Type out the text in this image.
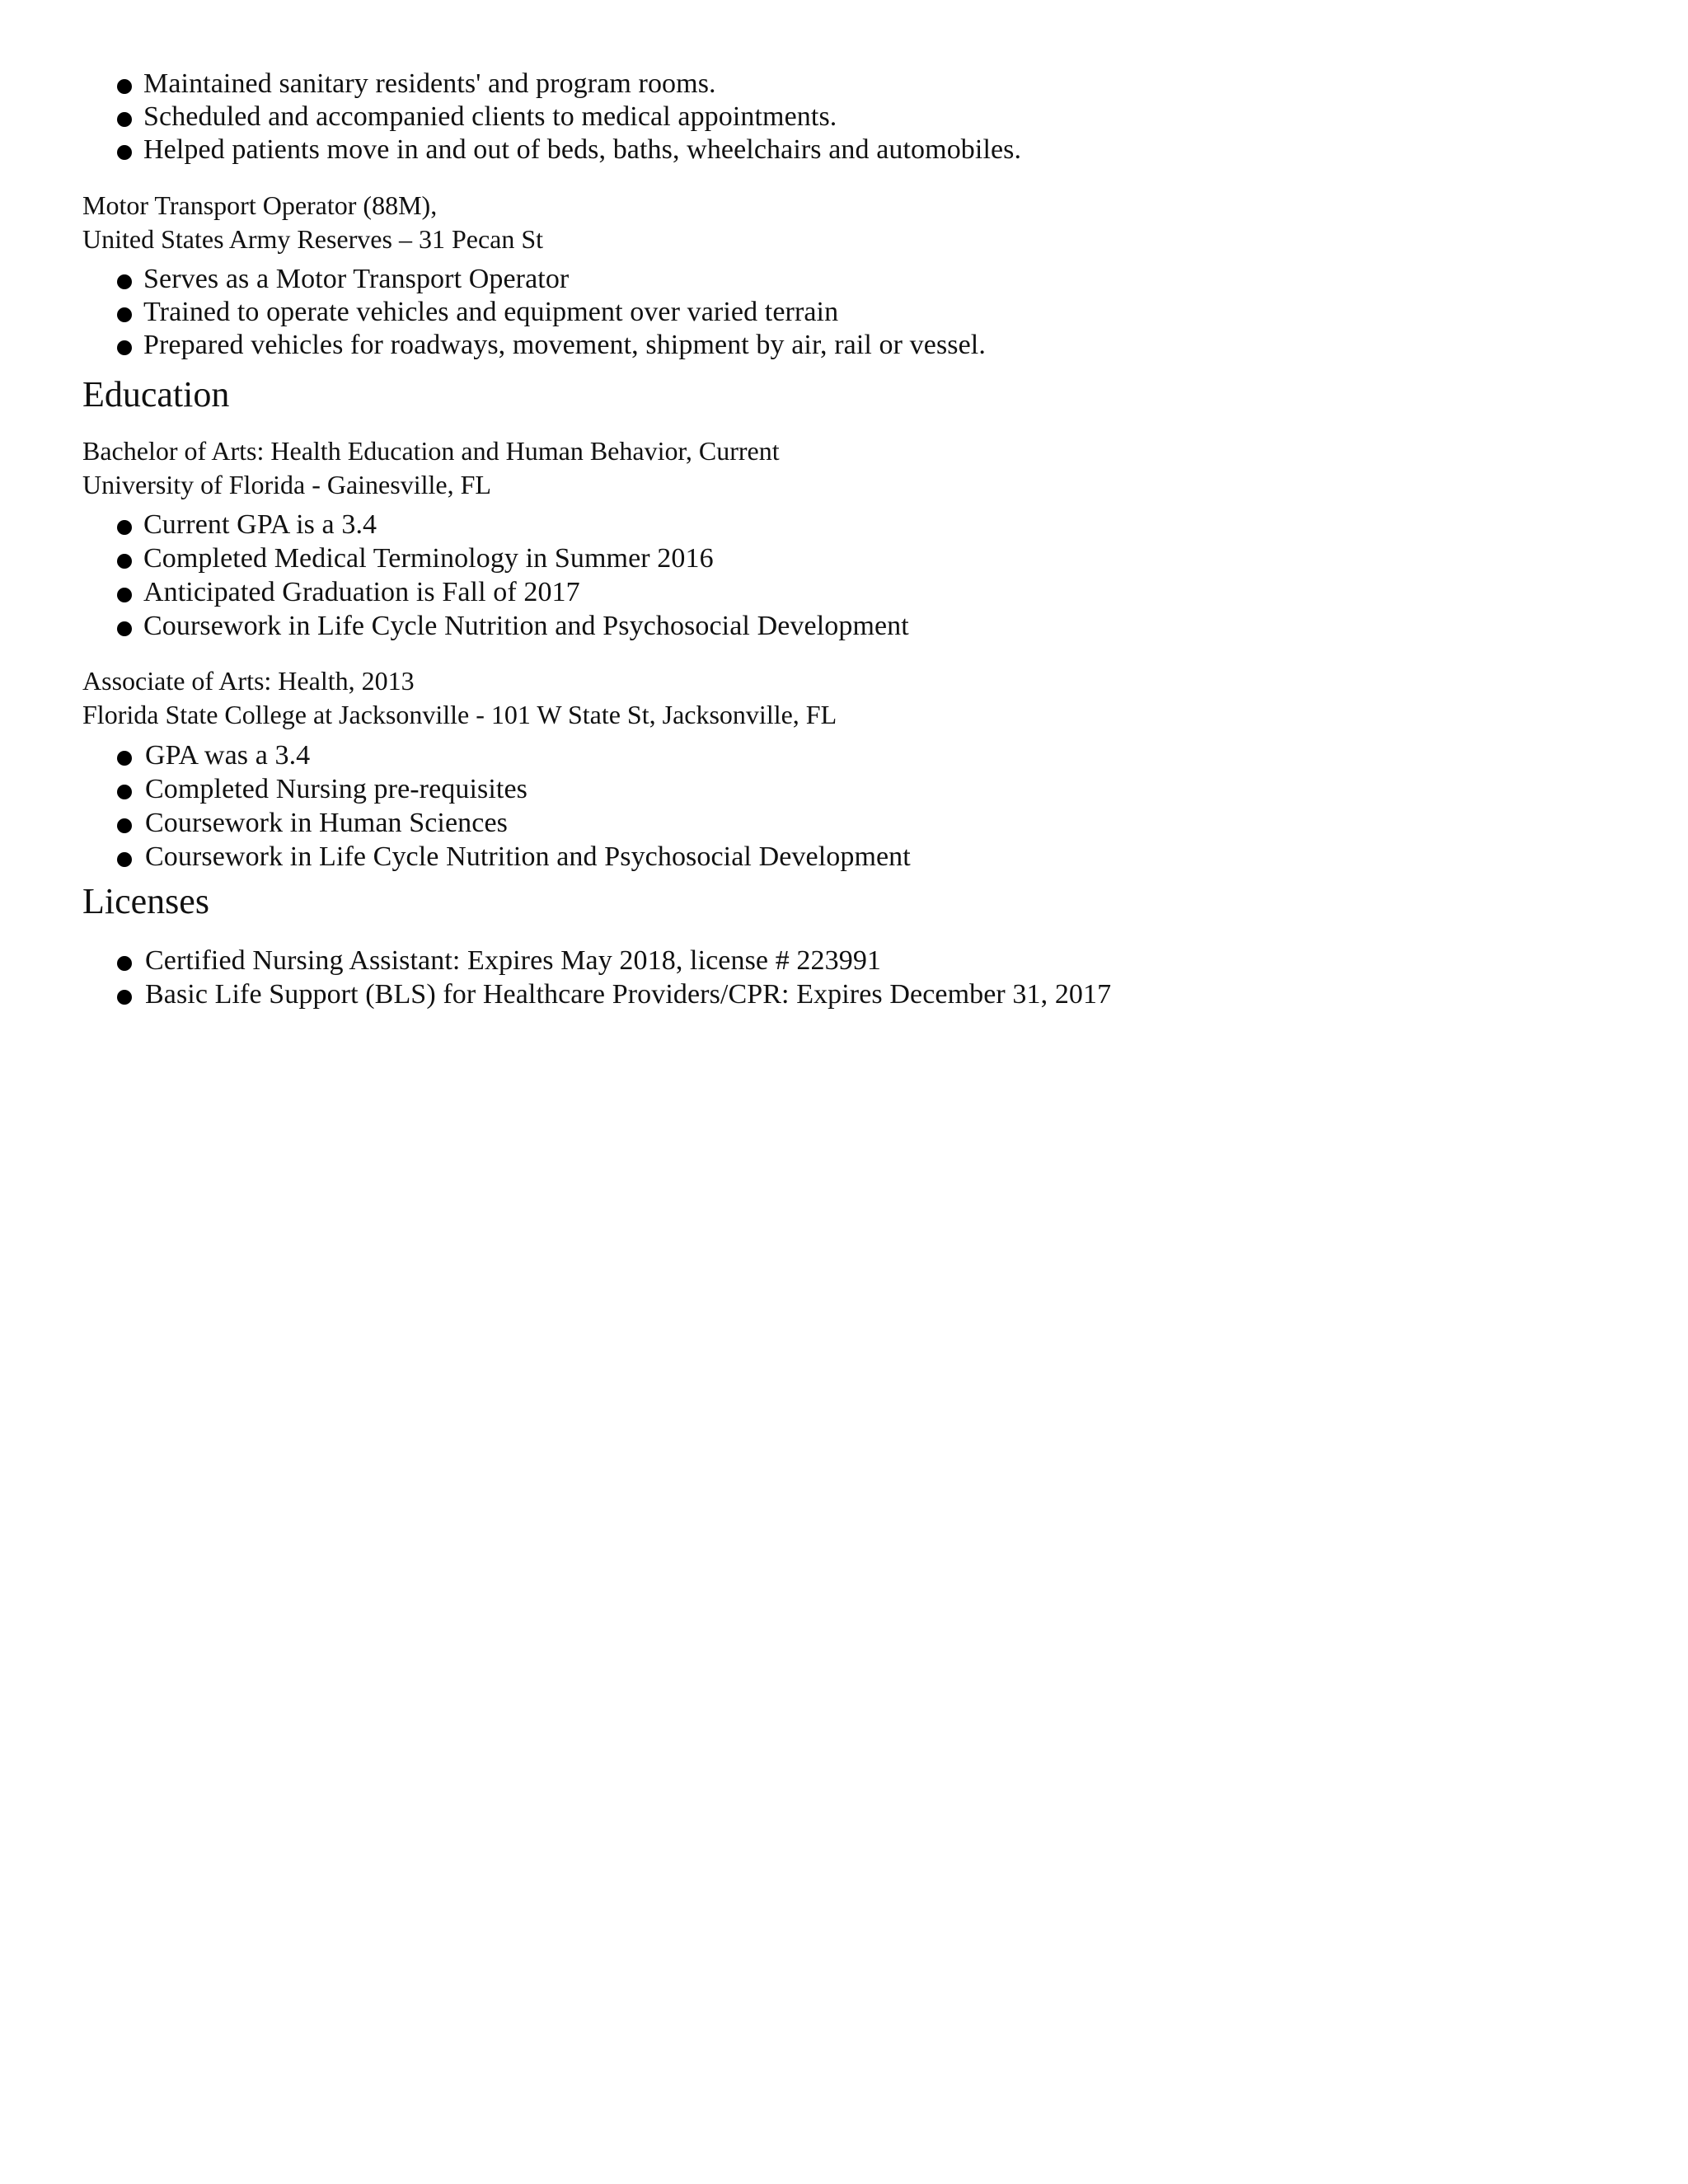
Maintained sanitary residents' and program rooms.
Scheduled and accompanied clients to medical appointments.
Helped patients move in and out of beds, baths, wheelchairs and automobiles.
Motor Transport Operator (88M),
United States Army Reserves – 31 Pecan St
Serves as a Motor Transport Operator
Trained to operate vehicles and equipment over varied terrain
Prepared vehicles for roadways, movement, shipment by air, rail or vessel.
Education
Bachelor of Arts: Health Education and Human Behavior, Current
University of Florida - Gainesville, FL
Current GPA is a 3.4
Completed Medical Terminology in Summer 2016
Anticipated Graduation is Fall of 2017
Coursework in Life Cycle Nutrition and Psychosocial Development
Associate of Arts: Health, 2013
Florida State College at Jacksonville - 101 W State St, Jacksonville, FL
GPA was a 3.4
Completed Nursing pre-requisites
Coursework in Human Sciences
Coursework in Life Cycle Nutrition and Psychosocial Development
Licenses
Certified Nursing Assistant: Expires May 2018, license # 223991
Basic Life Support (BLS) for Healthcare Providers/CPR: Expires December 31, 2017
